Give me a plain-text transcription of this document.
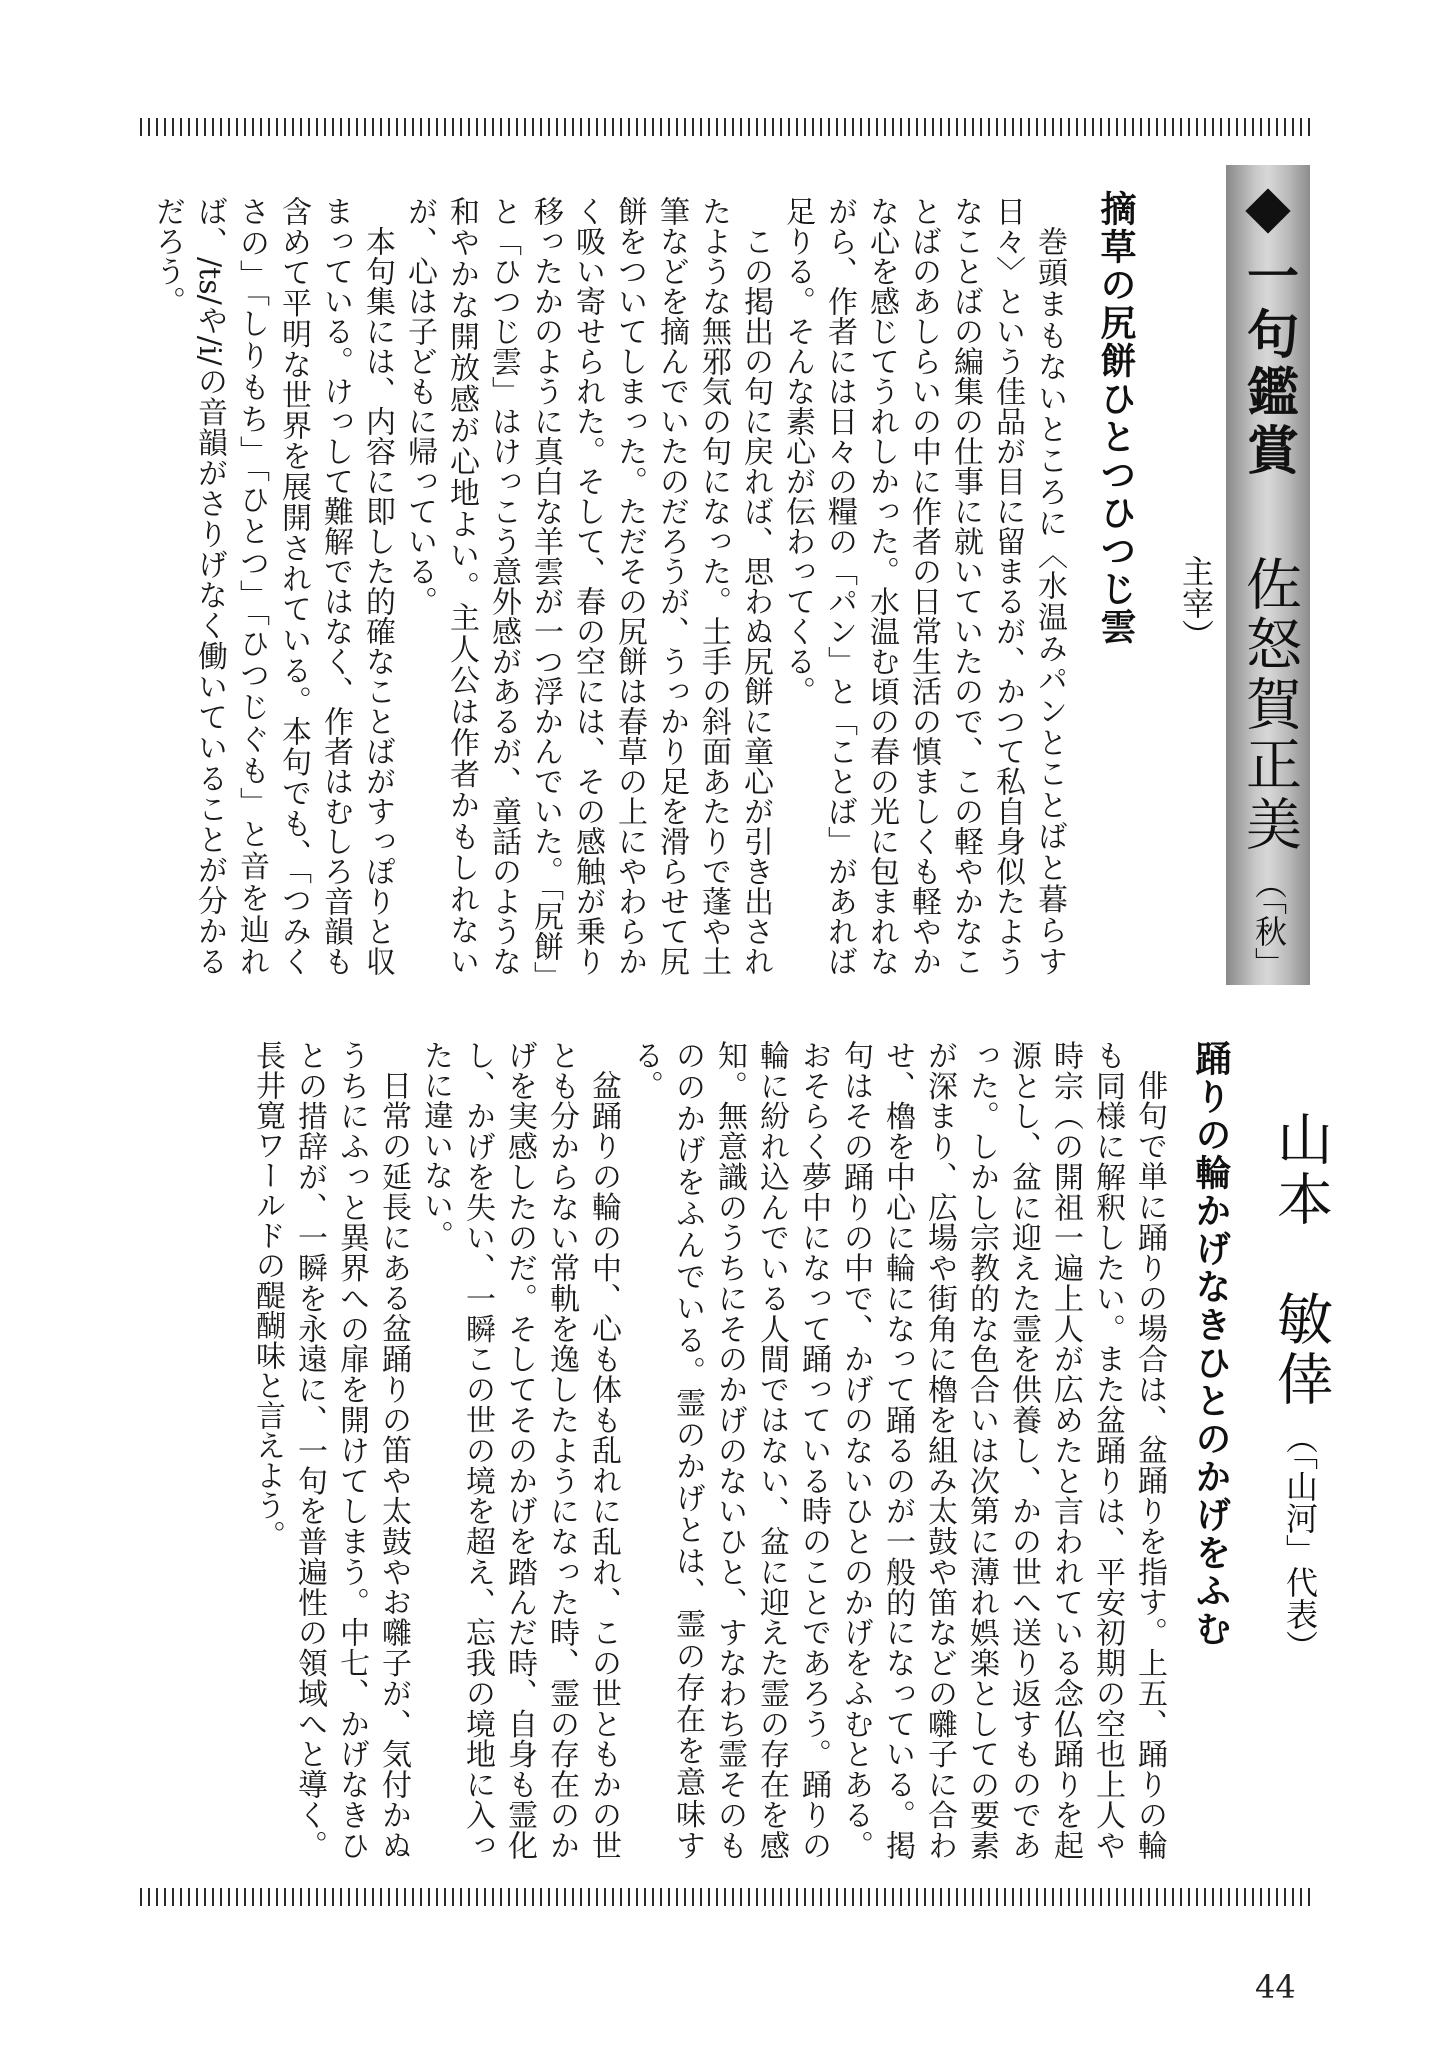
一句鑑賞
佐怒賀正美（「秋」主宰）
摘草の尻餅ひとつひつじ雲

巻頭まもないところに〈水温みパンとことばと暮らす日々〉という佳品が目に留まるが、かつて私自身似たようなことばの編集の仕事に就いていたので、この軽やかなことばのあしらいの中に作者の日常生活の慎ましくも軽やかな心を感じてうれしかった。水温む頃の春の光に包まれながら、作者には日々の糧の「パン」と「ことば」があれば足りる。そんな素心が伝わってくる。

この掲出の句に戻れば、思わぬ尻餅に童心が引き出されたような無邪気の句になった。土手の斜面あたりで蓬や土筆などを摘んでいたのだろうが、うっかり足を滑らせて尻餅をついてしまった。ただその尻餅は春草の上にやわらかく吸い寄せられた。そして、春の空には、その感触が乗り移ったかのように真白な羊雲が一つ浮かんでいた。「尻餅」と「ひつじ雲」はけっこう意外感があるが、童話のような和やかな開放感が心地よい。主人公は作者かもしれないが、心は子どもに帰っている。

本句集には、内容に即した的確なことばがすっぽりと収まっている。けっして難解ではなく、作者はむしろ音韻も含めて平明な世界を展開されている。本句でも、「つみくさの」「しりもち」「ひとつ」「ひつじぐも」と音を辿れば、/ts/や/i/の音韻がさりげなく働いていることが分かるだろう。

山本　敏倖（「山河」代表）
踊りの輪かげなきひとのかげをふむ

俳句で単に踊りの場合は、盆踊りを指す。上五、踊りの輪も同様に解釈したい。また盆踊りは、平安初期の空也上人や時宗（の開祖一遍上人が広めたと言われている念仏踊りを起源とし、盆に迎えた霊を供養し、かの世へ送り返すものであった。しかし宗教的な色合いは次第に薄れ娯楽としての要素が深まり、広場や街角に櫓を組み太鼓や笛などの囃子に合わせ、櫓を中心に輪になって踊るのが一般的になっている。掲句はその踊りの中で、かげのないひとのかげをふむとある。おそらく夢中になって踊っている時のことであろう。踊りの輪に紛れ込んでいる人間ではない、盆に迎えた霊の存在を感知。無意識のうちにそのかげのないひと、すなわち霊そのもののかげをふんでいる。霊のかげとは、霊の存在を意味する。

盆踊りの輪の中、心も体も乱れに乱れ、この世ともかの世とも分からない常軌を逸したようになった時、霊の存在のかげを実感したのだ。そしてそのかげを踏んだ時、自身も霊化し、かげを失い、一瞬この世の境を超え、忘我の境地に入ったに違いない。

日常の延長にある盆踊りの笛や太鼓やお囃子が、気付かぬうちにふっと異界への扉を開けてしまう。中七、かげなきひとの措辞が、一瞬を永遠に、一句を普遍性の領域へと導く。長井寛ワールドの醍醐味と言えよう。

44
